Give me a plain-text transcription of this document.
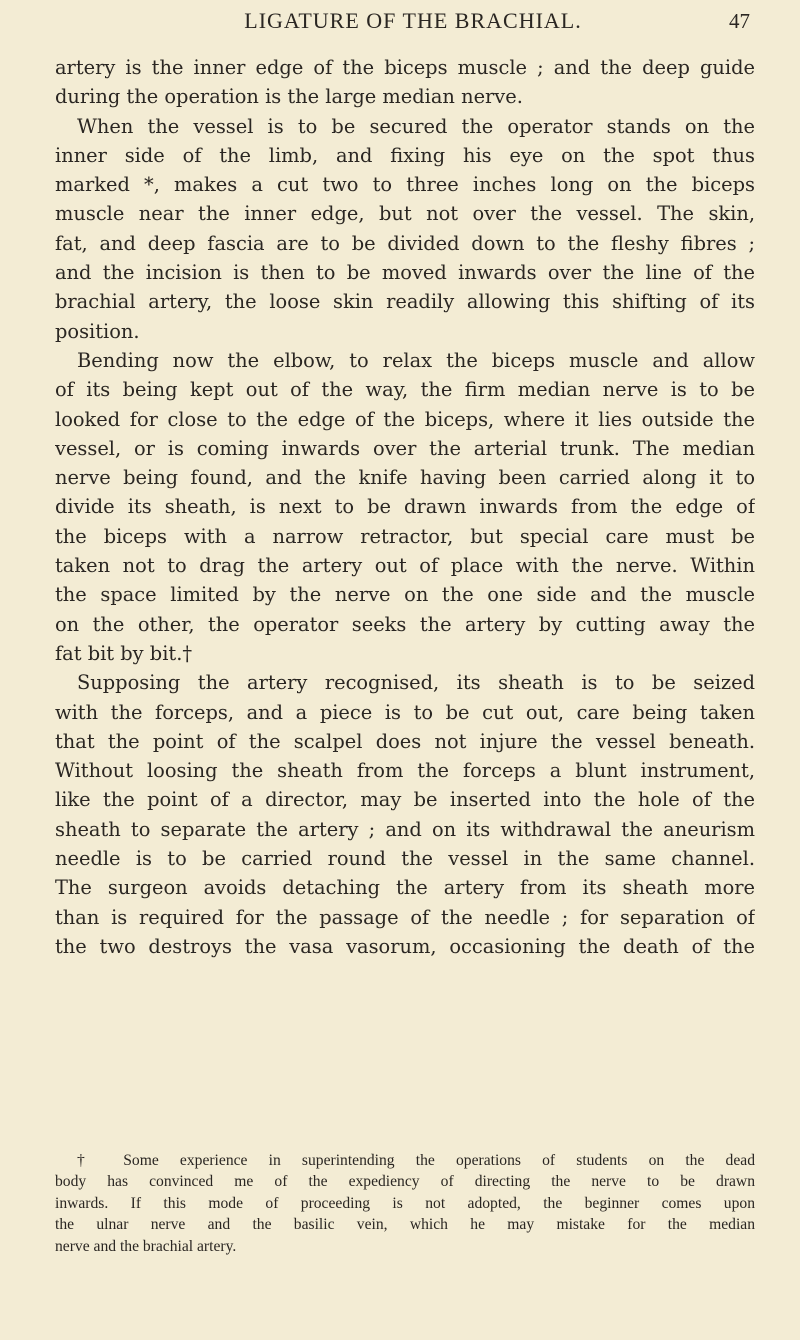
LIGATURE OF THE BRACHIAL.	47
artery is the inner edge of the biceps muscle ; and the deep guide
during the operation is the large median nerve.
When the vessel is to be secured the operator stands on the
inner side of the limb, and fixing his eye on the spot thus
marked *, makes a cut two to three inches long on the biceps
muscle near the inner edge, but not over the vessel. The skin,
fat, and deep fascia are to be divided down to the fleshy fibres ;
and the incision is then to be moved inwards over the line of the
brachial artery, the loose skin readily allowing this shifting of its
position.
Bending now the elbow, to relax the biceps muscle and allow
of its being kept out of the way, the firm median nerve is to be
looked for close to the edge of the biceps, where it lies outside the
vessel, or is coming inwards over the arterial trunk. The median
nerve being found, and the knife having been carried along it to
divide its sheath, is next to be drawn inwards from the edge of
the biceps with a narrow retractor, but special care must be
taken not to drag the artery out of place with the nerve. Within
the space limited by the nerve on the one side and the muscle
on the other, the operator seeks the artery by cutting away the
fat bit by bit.†
Supposing the artery recognised, its sheath is to be seized
with the forceps, and a piece is to be cut out, care being taken
that the point of the scalpel does not injure the vessel beneath.
Without loosing the sheath from the forceps a blunt instrument,
like the point of a director, may be inserted into the hole of the
sheath to separate the artery ; and on its withdrawal the aneurism
needle is to be carried round the vessel in the same channel.
The surgeon avoids detaching the artery from its sheath more
than is required for the passage of the needle ; for separation of
the two destroys the vasa vasorum, occasioning the death of the
† Some experience in superintending the operations of students on the dead
body has convinced me of the expediency of directing the nerve to be drawn
inwards. If this mode of proceeding is not adopted, the beginner comes upon
the ulnar nerve and the basilic vein, which he may mistake for the median
nerve and the brachial artery.
